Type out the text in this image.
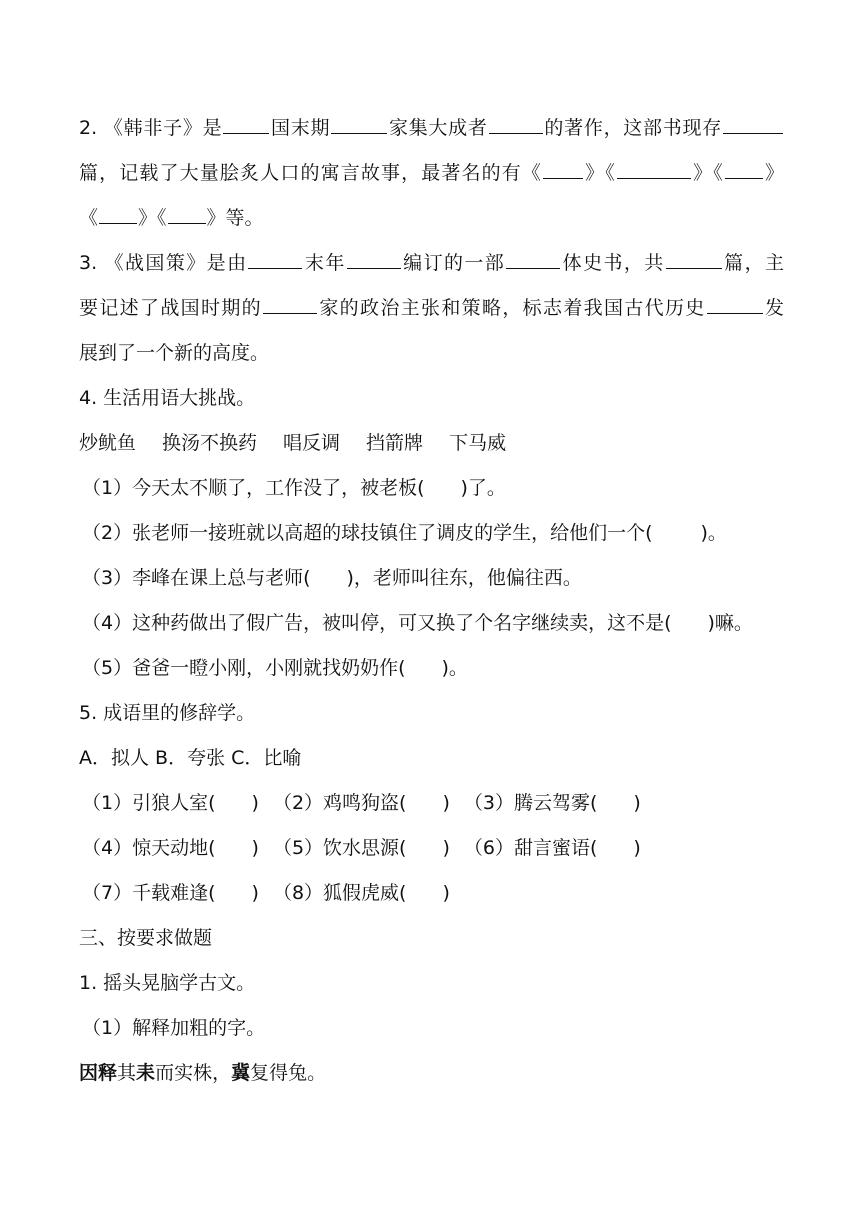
2. 《韩非子》是	国末期	家集大成者	的著作，这部书现存
篇，记载了大量脍炙人口的寓言故事，最著名的有《 》《	》《 》
《 》《 》等。
3. 《战国策》是由	末年	编订的一部	体史书，共	篇，主
要记述了战国时期的	家的政治主张和策略，标志着我国古代历史	发
展到了一个新的高度。
4. 生活用语大挑战。
炒鱿鱼 换汤不换药 唱反调 挡箭牌 下马威
（1）今天太不顺了，工作没了，被老板( )了。
（2）张老师一接班就以高超的球技镇住了调皮的学生，给他们一个(	)。
（3）李峰在课上总与老师( )，老师叫往东，他偏往西。
（4）这种药做出了假广告，被叫停，可又换了个名字继续卖，这不是( )嘛。
（5）爸爸一瞪小刚，小刚就找奶奶作( )。
5. 成语里的修辞学。
A．拟人 B．夸张 C．比喻
（1）引狼人室( ) （2）鸡鸣狗盗( ) （3）腾云驾雾( )
（4）惊天动地( ) （5）饮水思源( ) （6）甜言蜜语( )
（7）千载难逢( ) （8）狐假虎威( )
三、按要求做题
1. 摇头晃脑学古文。
（1）解释加粗的字。
因释其耒而实株，冀复得兔。
